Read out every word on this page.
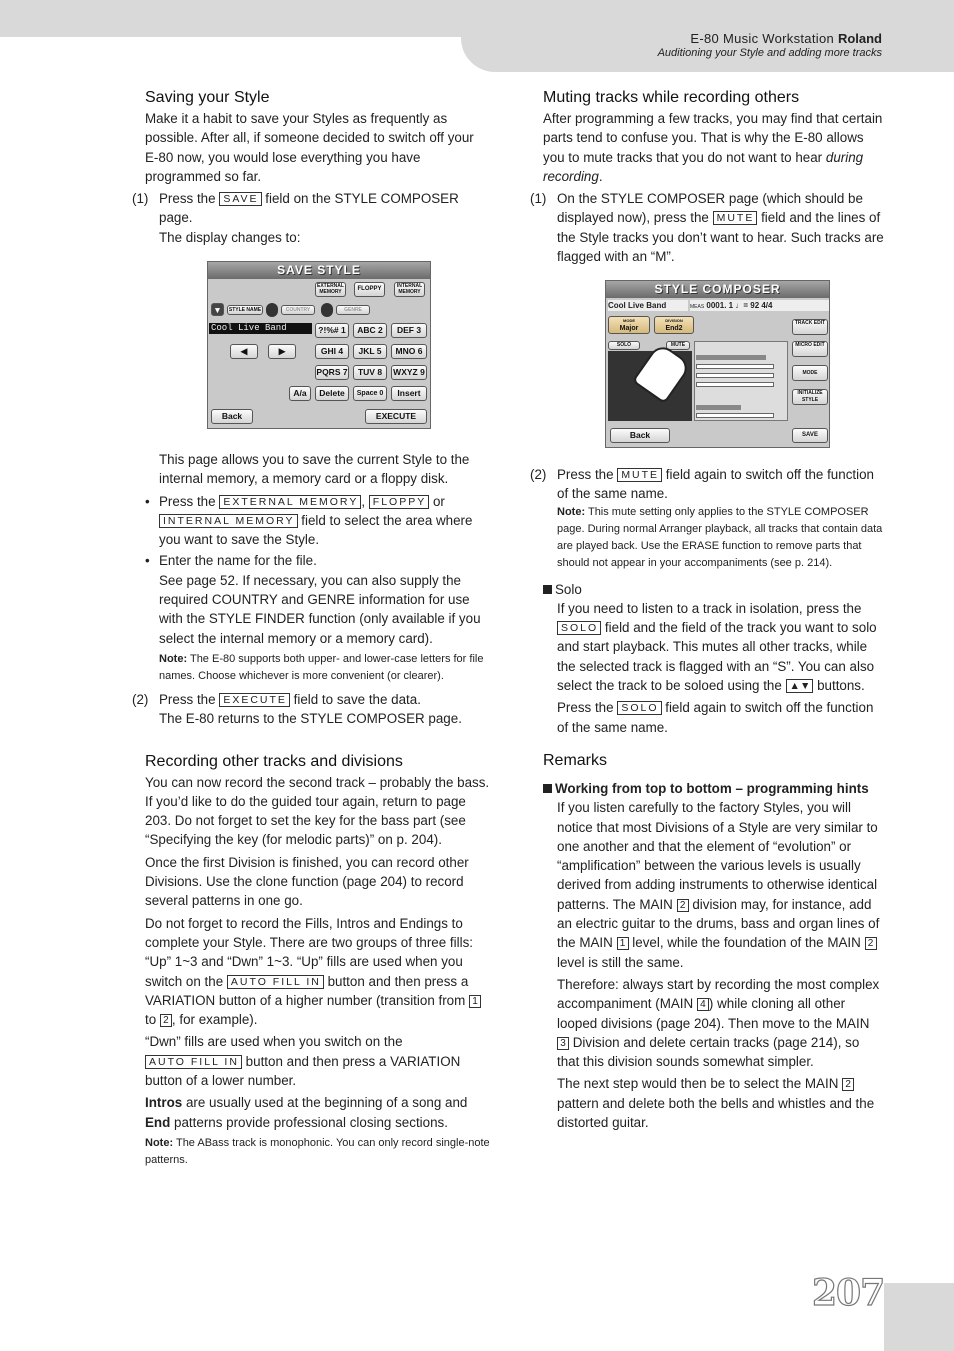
E-80 Music Workstation Roland
Auditioning your Style and adding more tracks
Saving your Style

Make it a habit to save your Styles as frequently as possible. After all, if someone decided to switch off your E-80 now, you would lose everything you have programmed so far.

(1) Press the SAVE field on the STYLE COMPOSER page.
The display changes to:
SAVE STYLE
EXTERNAL MEMORY	FLOPPY	INTERNAL MEMORY
▼	STYLE NAME	COUNTRY	GENRE
Cool Live Band	?!%# 1	ABC 2	DEF 3
◀	▶	GHI 4	JKL 5	MNO 6
PQRS 7	TUV 8	WXYZ 9
A/a	Delete	Space 0	Insert
Back	EXECUTE

This page allows you to save the current Style to the internal memory, a memory card or a floppy disk.

• Press the EXTERNAL MEMORY , FLOPPY or
INTERNAL MEMORY field to select the area where you want to save the Style.
• Enter the name for the file.
See page 52. If necessary, you can also supply the required COUNTRY and GENRE information for use with the STYLE FINDER function (only available if you select the internal memory or a memory card).

Note: The E-80 supports both upper- and lower-case letters for file names. Choose whichever is more convenient (or clearer).

(2) Press the EXECUTE field to save the data.
The E-80 returns to the STYLE COMPOSER page.
Recording other tracks and divisions

You can now record the second track – probably the bass. If you’d like to do the guided tour again, return to page 203. Do not forget to set the key for the bass part (see “Specifying the key (for melodic parts)” on p. 204).

Once the first Division is finished, you can record other Divisions. Use the clone function (page 204) to record several patterns in one go.

Do not forget to record the Fills, Intros and Endings to complete your Style. There are two groups of three fills: “Up” 1~3 and “Dwn” 1~3. “Up” fills are used when you switch on the AUTO FILL IN button and then press a VARIATION button of a higher number (transition from 1 to 2 , for example).

“Dwn” fills are used when you switch on the
AUTO FILL IN button and then press a VARIATION button of a lower number.

Intros are usually used at the beginning of a song and End patterns provide professional closing sections.

Note: The ABass track is monophonic. You can only record single-note patterns.

Muting tracks while recording others

After programming a few tracks, you may find that certain parts tend to confuse you. That is why the E-80 allows you to mute tracks that you do not want to hear during recording.

(1) On the STYLE COMPOSER page (which should be displayed now), press the MUTE field and the lines of the Style tracks you don’t want to hear. Such tracks are flagged with an “M”.
STYLE COMPOSER
Cool Live Band	MEAS 0001. 1 ♩= 92 4/4
MODE
Major
DIVISION
End2
SOLO	MUTE
TRACK EDIT
MICRO EDIT
MODE
INITIALIZE STYLE
Back	SAVE
(2) Press the MUTE field again to switch off the function of the same name.

Note: This mute setting only applies to the STYLE COMPOSER page. During normal Arranger playback, all tracks that contain data are played back. Use the ERASE function to remove parts that should not appear in your accompaniments (see p. 214).

Solo

If you need to listen to a track in isolation, press the SOLO field and the field of the track you want to solo and start playback. This mutes all other tracks, while the selected track is flagged with an “S”. You can also select the track to be soloed using the ▲▼ buttons.

Press the SOLO field again to switch off the function of the same name.

Remarks
Working from top to bottom – programming hints

If you listen carefully to the factory Styles, you will notice that most Divisions of a Style are very similar to one another and that the element of “evolution” or “amplification” between the various levels is usually derived from adding instruments to otherwise identical patterns. The MAIN 2 division may, for instance, add an electric guitar to the drums, bass and organ lines of the MAIN 1 level, while the foundation of the MAIN 2 level is still the same.

Therefore: always start by recording the most complex accompaniment (MAIN 4 ) while cloning all other looped divisions (page 204). Then move to the MAIN 3 Division and delete certain tracks (page 214), so that this division sounds somewhat simpler.

The next step would then be to select the MAIN 2 pattern and delete both the bells and whistles and the distorted guitar.

207
